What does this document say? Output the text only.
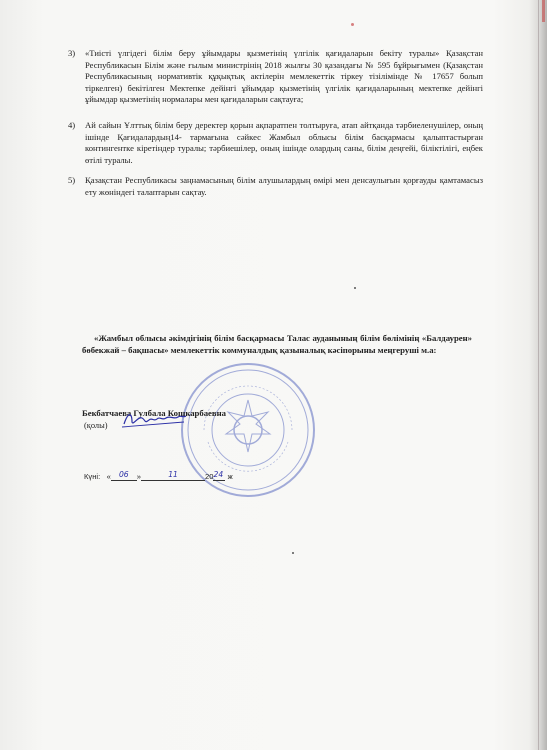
3) «Тиісті үлгідегі білім беру ұйымдары қызметінің үлгілік қағидаларын бекіту туралы» Қазақстан Республикасын Білім және ғылым министрінің 2018 жылғы 30 қазандағы № 595 бұйрығымен (Қазақстан Республикасының нормативтік құқықтық актілерін мемлекеттік тіркеу тізілімінде № 17657 болып тіркелген) бекітілген Мектепке дейінгі ұйымдар қызметінің үлгілік қағидаларының мектепке дейінгі ұйымдар қызметінің нормалары мен қағидаларын сақтауға;

4) Ай сайын Ұлттық білім беру деректер қорын ақпаратпен толтыруға, атап айтқанда тәрбиеленушілер, оның ішінде Қағидалардың14- тармағына сәйкес Жамбыл облысы білім басқармасы қалыптастырған контингентке кіретіндер туралы; тәрбиешілер, оның ішінде олардың саны, білім деңгейі, біліктілігі, еңбек өтілі туралы.

5) Қазақстан Республикасы заңнамасының білім алушылардың өмірі мен денсаулығын қорғауды қамтамасыз ету жөніндегі талаптарын сақтау.

«Жамбыл облысы әкімдігінің білім басқармасы Талас ауданының білім бөлімінің «Балдаурен» бөбекжай – бақшасы» мемлекеттік коммуналдық қазыналық кәсіпорыны меңгеруші м.а:

Бекбатчаева Гулбала Кошкарбаевна
(қолы)
Күні: « 06 »	11	2024 ж
